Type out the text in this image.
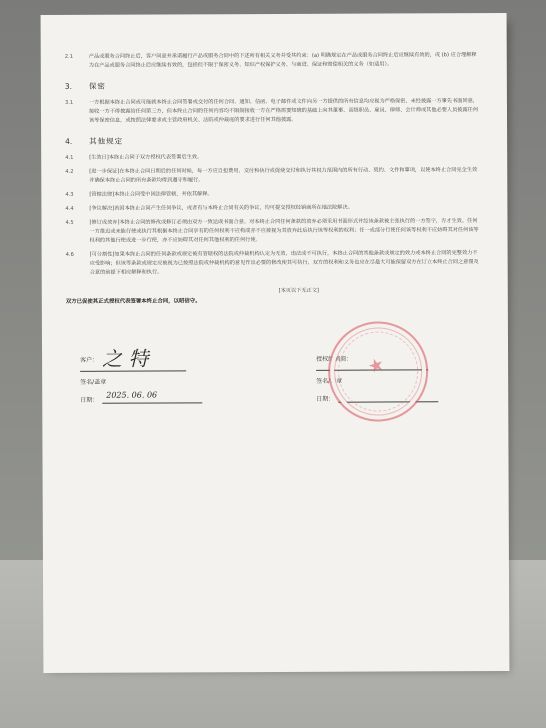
2.1	产品或服务合同终止后，客户同意并承诺履行产品或服务合同中的下述所有相关义务并受其约束：(a) 明确规定在产品或服务合同终止后应继续有效的，或 (b) 应合理解释为在产品或服务合同终止后应继续有效的，包括但不限于保密义务、知识产权保护义务、与商进、保证和赔偿相关的义务（如适用）。
3.	保密
3.1	一方根据本终止合同或可能就本终止合同签署或交付的任何合同、通知、信函、电子邮件或文件向另一方提供的所有信息均应视为严格保密，未经披露一方事先书面同意，接收一方不得披露给任何第三方，但本终止合同的任何内容均不限制接收一方在严格需要知晓的基础上向其董事、高级职员、雇员、律师、会计师或其他必要人员披露任何该等保密信息，或按照法律要求或主管政府机关、法院或仲裁庭的要求进行任何其他披露。
4.	其他规定
4.1	[生效日]本终止合同于双方授权代表签署后生效。
4.2	[进一步保证]在本终止合同日期后的任何时候，每一方应自担费用，交付和执行或促使交付和执行其权力范围内的所有行动、契约、文件和事项，以使本终止合同完全生效并确保本终止合同的所有条款均得到遵守和履行。
4.3	[管辖法律]本终止合同受中国法律管辖，并依其解释。
4.4	[争议解决]若因本终止合同产生任何争议，或者有与本终止合同有关的争议，均可提交授权经销商所在地法院解决。
4.5	[修订或放弃]本终止合同的修改或修订必须由双方一致达成书面合意。对本终止合同任何条款的放弃必须采用书面形式并经该条款被主张执行的一方签字，方才生效。任何一方推迟或未能行使或执行其根据本终止合同享有的任何权利不应构成亦不应被视为其放弃此后执行该等权利的权利；任一或部分行使任何该等权利不应妨碍其对任何该等权利的其他行使或进一步行使，亦不应妨碍其对任何其他权利的任何行使。
4.6	[可分割性]如果本终止合同的任何条款或规定被有管辖权的法院或仲裁机构认定为无效、违法或不可执行，本终止合同的其他条款或规定的效力或本终止合同的完整效力不应受影响；但该等条款或规定应被视为已按照法院或仲裁机构的意见作出必要的修改使其可执行，双方的权利和义务也应在尽最大可能保留双方在订立本终止合同之意图及合意的前提下相应解释和执行。
[本页以下无正文]
双方已促使其正式授权代表签署本终止合同，以昭信守。
客户： 之 特
签名/盖章
日期：
2025. 06. 06
授权经销商：
签名/盖章
日期：
★
